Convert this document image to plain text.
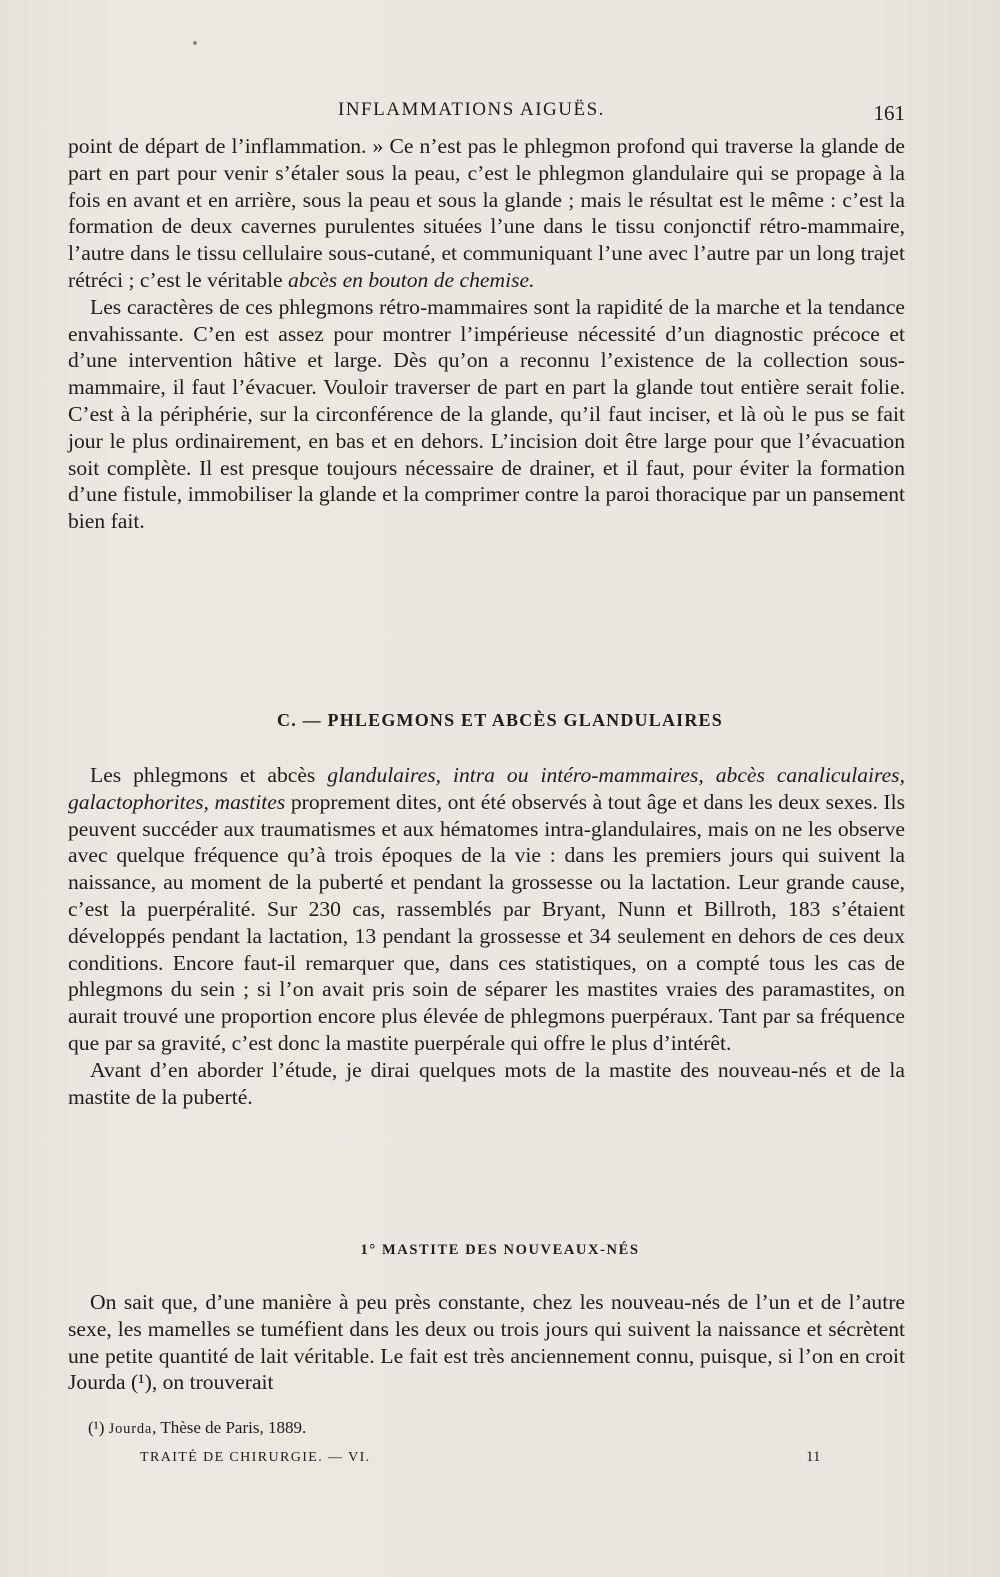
INFLAMMATIONS AIGUËS.	161

point de départ de l’inflammation. » Ce n’est pas le phlegmon profond qui traverse la glande de part en part pour venir s’étaler sous la peau, c’est le phlegmon glandulaire qui se propage à la fois en avant et en arrière, sous la peau et sous la glande ; mais le résultat est le même : c’est la formation de deux cavernes purulentes situées l’une dans le tissu conjonctif rétro-mammaire, l’autre dans le tissu cellulaire sous-cutané, et communiquant l’une avec l’autre par un long trajet rétréci ; c’est le véritable abcès en bouton de chemise.

Les caractères de ces phlegmons rétro-mammaires sont la rapidité de la marche et la tendance envahissante. C’en est assez pour montrer l’impérieuse nécessité d’un diagnostic précoce et d’une intervention hâtive et large. Dès qu’on a reconnu l’existence de la collection sous-mammaire, il faut l’évacuer. Vouloir traverser de part en part la glande tout entière serait folie. C’est à la périphérie, sur la circonférence de la glande, qu’il faut inciser, et là où le pus se fait jour le plus ordinairement, en bas et en dehors. L’incision doit être large pour que l’évacuation soit complète. Il est presque toujours nécessaire de drainer, et il faut, pour éviter la formation d’une fistule, immobiliser la glande et la comprimer contre la paroi thoracique par un pansement bien fait.

C. — PHLEGMONS ET ABCÈS GLANDULAIRES

Les phlegmons et abcès glandulaires, intra ou intéro-mammaires, abcès canaliculaires, galactophorites, mastites proprement dites, ont été observés à tout âge et dans les deux sexes. Ils peuvent succéder aux traumatismes et aux hématomes intra-glandulaires, mais on ne les observe avec quelque fréquence qu’à trois époques de la vie : dans les premiers jours qui suivent la naissance, au moment de la puberté et pendant la grossesse ou la lactation. Leur grande cause, c’est la puerpéralité. Sur 230 cas, rassemblés par Bryant, Nunn et Billroth, 183 s’étaient développés pendant la lactation, 13 pendant la grossesse et 34 seulement en dehors de ces deux conditions. Encore faut-il remarquer que, dans ces statistiques, on a compté tous les cas de phlegmons du sein ; si l’on avait pris soin de séparer les mastites vraies des paramastites, on aurait trouvé une proportion encore plus élevée de phlegmons puerpéraux. Tant par sa fréquence que par sa gravité, c’est donc la mastite puerpérale qui offre le plus d’intérêt.

Avant d’en aborder l’étude, je dirai quelques mots de la mastite des nouveau-nés et de la mastite de la puberté.

1° MASTITE DES NOUVEAUX-NÉS

On sait que, d’une manière à peu près constante, chez les nouveau-nés de l’un et de l’autre sexe, les mamelles se tuméfient dans les deux ou trois jours qui suivent la naissance et sécrètent une petite quantité de lait véritable. Le fait est très anciennement connu, puisque, si l’on en croit Jourda (¹), on trouverait

(¹) Jourda, Thèse de Paris, 1889.
TRAITÉ DE CHIRURGIE. — VI.	11
